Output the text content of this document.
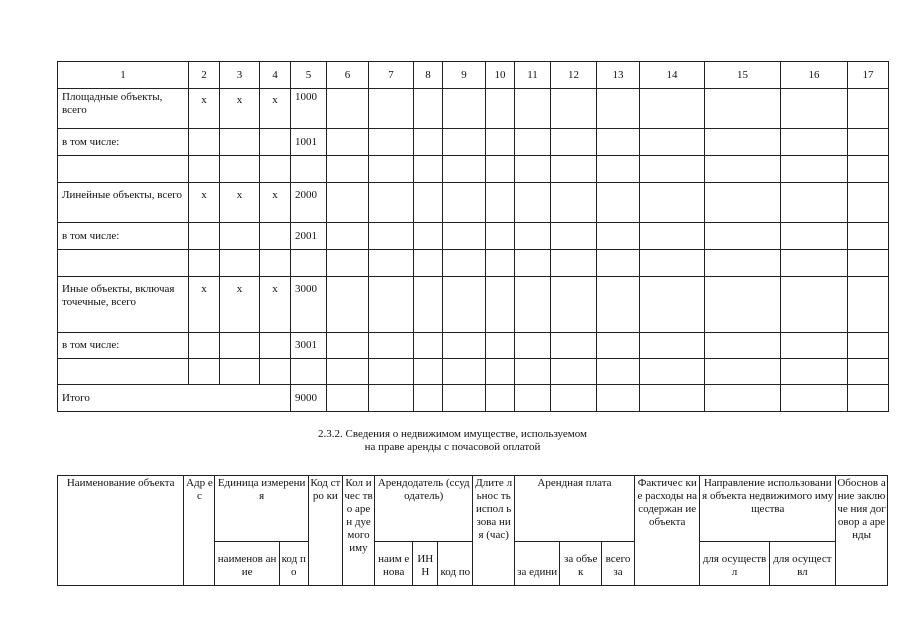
1	2	3	4	5	6	7	8	9	10	11	12	13	14	15	16	17
Площадные объекты, всего	х	х	х	1000												
в том числе:				1001												

Линейные объекты, всего	х	х	х	2000												
в том числе:				2001												

Иные объекты, включая точечные, всего	х	х	х	3000												
в том числе:				3001												

Итого				9000												
2.3.2. Сведения о недвижимом имуществе, используемом
на праве аренды с почасовой оплатой
Наименование объекта	Адр ес	Единица измерения		Код стро ки	Кол ичес тво арен дуе мого иму	Арендодатель (ссудодатель)			Длите льнос ть испол ьзова ния (час)	Арендная плата			Фактичес кие расходы на содержан ие объекта	Направление использования объекта недвижимого имущества		Обоснов ание заключе ния договор а аренды
		наименов ание	код по			наим енова	ИН Н	код по		за едини	за объек	всего за		для осуществл	для осуществл	
